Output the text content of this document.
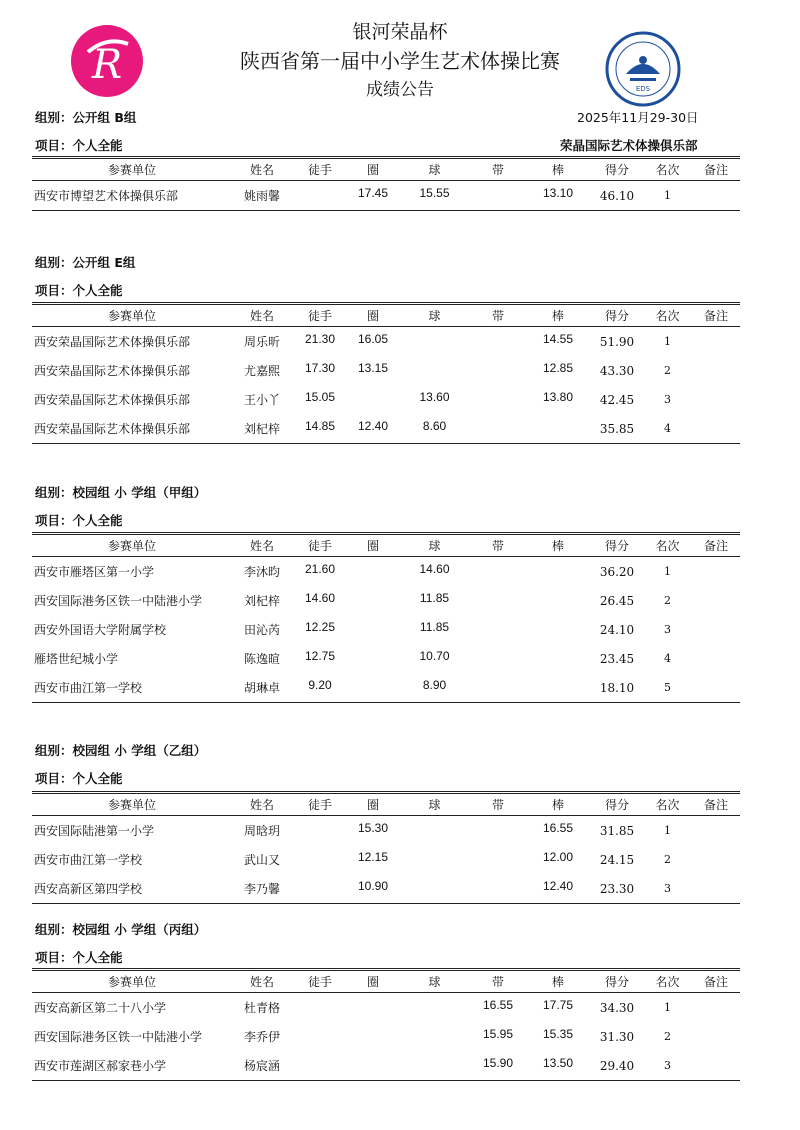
R
银河荣晶杯
陕西省第一届中小学生艺术体操比赛
成绩公告	EDS
组别：公开组 B组	2025年11月29-30日
项目：个人全能	荣晶国际艺术体操俱乐部
参赛单位	姓名	徒手	圈	球	带	棒	得分	名次	备注
西安市博望艺术体操俱乐部	姚雨馨		17.45	15.55		13.10	46.10	1	
组别：公开组 E组
项目：个人全能
参赛单位	姓名	徒手	圈	球	带	棒	得分	名次	备注
西安荣晶国际艺术体操俱乐部	周乐昕	21.30	16.05			14.55	51.90	1	
西安荣晶国际艺术体操俱乐部	尤嘉熙	17.30	13.15			12.85	43.30	2	
西安荣晶国际艺术体操俱乐部	王小丫	15.05		13.60		13.80	42.45	3	
西安荣晶国际艺术体操俱乐部	刘杞梓	14.85	12.40	8.60			35.85	4	
组别：校园组 小 学组（甲组）
项目：个人全能
参赛单位	姓名	徒手	圈	球	带	棒	得分	名次	备注
西安市雁塔区第一小学	李沐昀	21.60		14.60			36.20	1	
西安国际港务区铁一中陆港小学	刘杞梓	14.60		11.85			26.45	2	
西安外国语大学附属学校	田沁芮	12.25		11.85			24.10	3	
雁塔世纪城小学	陈逸暄	12.75		10.70			23.45	4	
西安市曲江第一学校	胡琳卓	9.20		8.90			18.10	5	
组别：校园组 小 学组（乙组）
项目：个人全能
参赛单位	姓名	徒手	圈	球	带	棒	得分	名次	备注
西安国际陆港第一小学	周晗玥		15.30			16.55	31.85	1	
西安市曲江第一学校	武山又		12.15			12.00	24.15	2	
西安高新区第四学校	李乃馨		10.90			12.40	23.30	3	
组别：校园组 小 学组（丙组）
项目：个人全能
参赛单位	姓名	徒手	圈	球	带	棒	得分	名次	备注
西安高新区第二十八小学	杜青格				16.55	17.75	34.30	1	
西安国际港务区铁一中陆港小学	李乔伊				15.95	15.35	31.30	2	
西安市莲湖区郝家巷小学	杨宸涵				15.90	13.50	29.40	3	
